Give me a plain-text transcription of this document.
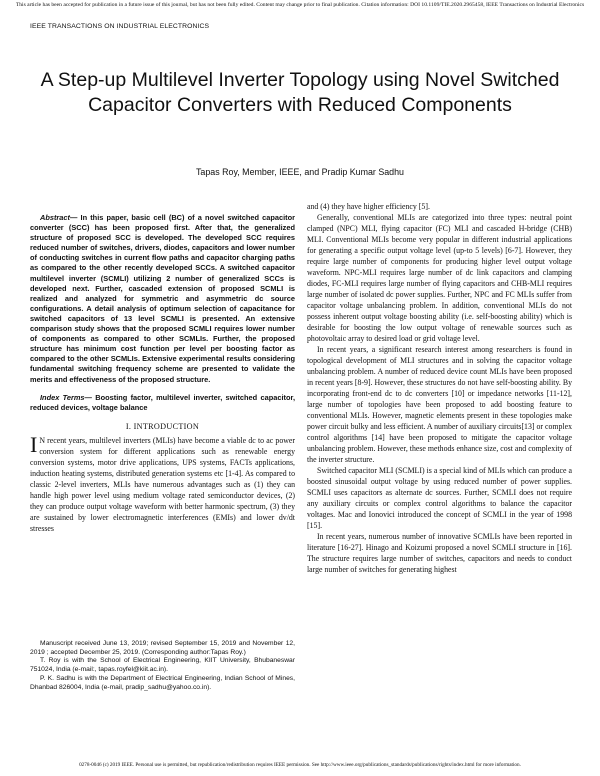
This article has been accepted for publication in a future issue of this journal, but has not been fully edited. Content may change prior to final publication. Citation information: DOI 10.1109/TIE.2020.2965458, IEEE Transactions on Industrial Electronics
IEEE TRANSACTIONS ON INDUSTRIAL ELECTRONICS
A Step-up Multilevel Inverter Topology using Novel Switched Capacitor Converters with Reduced Components
Tapas Roy, Member, IEEE, and Pradip Kumar Sadhu

Abstract— In this paper, basic cell (BC) of a novel switched capacitor converter (SCC) has been proposed first. After that, the generalized structure of proposed SCC is developed. The developed SCC requires reduced number of switches, drivers, diodes, capacitors and lower number of conducting switches in current flow paths and capacitor charging paths as compared to the other recently developed SCCs. A switched capacitor multilevel inverter (SCMLI) utilizing 2 number of generalized SCCs is developed next. Further, cascaded extension of proposed SCMLI is realized and analyzed for symmetric and asymmetric dc source configurations. A detail analysis of optimum selection of capacitance for switched capacitors of 13 level SCMLI is presented. An extensive comparison study shows that the proposed SCMLI requires lower number of components as compared to other SCMLIs. Further, the proposed structure has minimum cost function per level per boosting factor as compared to the other SCMLIs. Extensive experimental results considering fundamental switching frequency scheme are presented to validate the merits and effectiveness of the proposed structure.

Index Terms— Boosting factor, multilevel inverter, switched capacitor, reduced devices, voltage balance

I. INTRODUCTION

I N recent years, multilevel inverters (MLIs) have become a viable dc to ac power conversion system for different applications such as renewable energy conversion systems, motor drive applications, UPS systems, FACTs applications, induction heating systems, distributed generation systems etc [1-4]. As compared to classic 2-level inverters, MLIs have numerous advantages such as (1) they can handle high power level using medium voltage rated semiconductor devices, (2) they can produce output voltage waveform with better harmonic spectrum, (3) they are sustained by lower electromagnetic interferences (EMIs) and lower dv/dt stresses

Manuscript received June 13, 2019; revised September 15, 2019 and November 12, 2019 ; accepted December 25, 2019. (Corresponding author:Tapas Roy.)

T. Roy is with the School of Electrical Engineering, KIIT University, Bhubaneswar 751024, India (e-mail:, tapas.royfel@kiit.ac.in).

P. K. Sadhu is with the Department of Electrical Engineering, Indian School of Mines, Dhanbad 826004, India (e-mail, pradip_sadhu@yahoo.co.in).

and (4) they have higher efficiency [5].

Generally, conventional MLIs are categorized into three types: neutral point clamped (NPC) MLI, flying capacitor (FC) MLI and cascaded H-bridge (CHB) MLI. Conventional MLIs become very popular in different industrial applications for generating a specific output voltage level (up-to 5 levels) [6-7]. However, they require large number of components for producing higher level output voltage waveform. NPC-MLI requires large number of dc link capacitors and clamping diodes, FC-MLI requires large number of flying capacitors and CHB-MLI requires large number of isolated dc power supplies. Further, NPC and FC MLIs suffer from capacitor voltage unbalancing problem. In addition, conventional MLIs do not possess inherent output voltage boosting ability (i.e. self-boosting ability) which is desirable for boosting the low output voltage of renewable sources such as photovoltaic array to desired load or grid voltage level.

In recent years, a significant research interest among researchers is found in topological development of MLI structures and in solving the capacitor voltage unbalancing problem. A number of reduced device count MLIs have been proposed in recent years [8-9]. However, these structures do not have self-boosting ability. By incorporating front-end dc to dc converters [10] or impedance networks [11-12], large number of topologies have been proposed to add boosting feature to conventional MLIs. However, magnetic elements present in these topologies make power circuit bulky and less efficient. A number of auxiliary circuits[13] or complex control algorithms [14] have been proposed to mitigate the capacitor voltage unbalancing problem. However, these methods enhance size, cost and complexity of the inverter structure.

Switched capacitor MLI (SCMLI) is a special kind of MLIs which can produce a boosted sinusoidal output voltage by using reduced number of power supplies. SCMLI uses capacitors as alternate dc sources. Further, SCMLI does not require any auxiliary circuits or complex control algorithms to balance the capacitor voltages. Mac and Ionovici introduced the concept of SCMLI in the year of 1998 [15].

In recent years, numerous number of innovative SCMLIs have been reported in literature [16-27]. Hinago and Koizumi proposed a novel SCMLI structure in [16]. The structure requires large number of switches, capacitors and needs to conduct large number of switches for generating highest

0278-0046 (c) 2019 IEEE. Personal use is permitted, but republication/redistribution requires IEEE permission. See http://www.ieee.org/publications_standards/publications/rights/index.html for more information.
